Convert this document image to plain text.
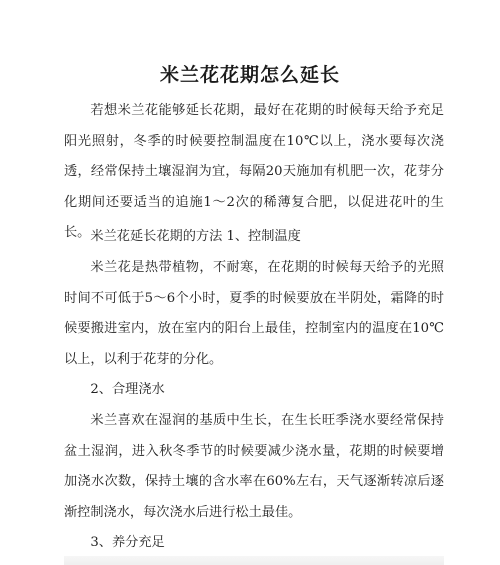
米兰花花期怎么延长

若想米兰花能够延长花期，最好在花期的时候每天给予充足阳光照射，冬季的时候要控制温度在10℃以上，浇水要每次浇透，经常保持土壤湿润为宜，每隔20天施加有机肥一次，花芽分化期间还要适当的追施1～2次的稀薄复合肥，以促进花叶的生长。 米兰花延长花期的方法 1、控制温度

米兰花是热带植物，不耐寒，在花期的时候每天给予的光照时间不可低于5～6个小时，夏季的时候要放在半阴处，霜降的时候要搬进室内，放在室内的阳台上最佳，控制室内的温度在10℃以上，以利于花芽的分化。

2、合理浇水

米兰喜欢在湿润的基质中生长，在生长旺季浇水要经常保持盆土湿润，进入秋冬季节的时候要减少浇水量，花期的时候要增加浇水次数，保持土壤的含水率在60%左右，天气逐渐转凉后逐渐控制浇水，每次浇水后进行松土最佳。

3、养分充足
